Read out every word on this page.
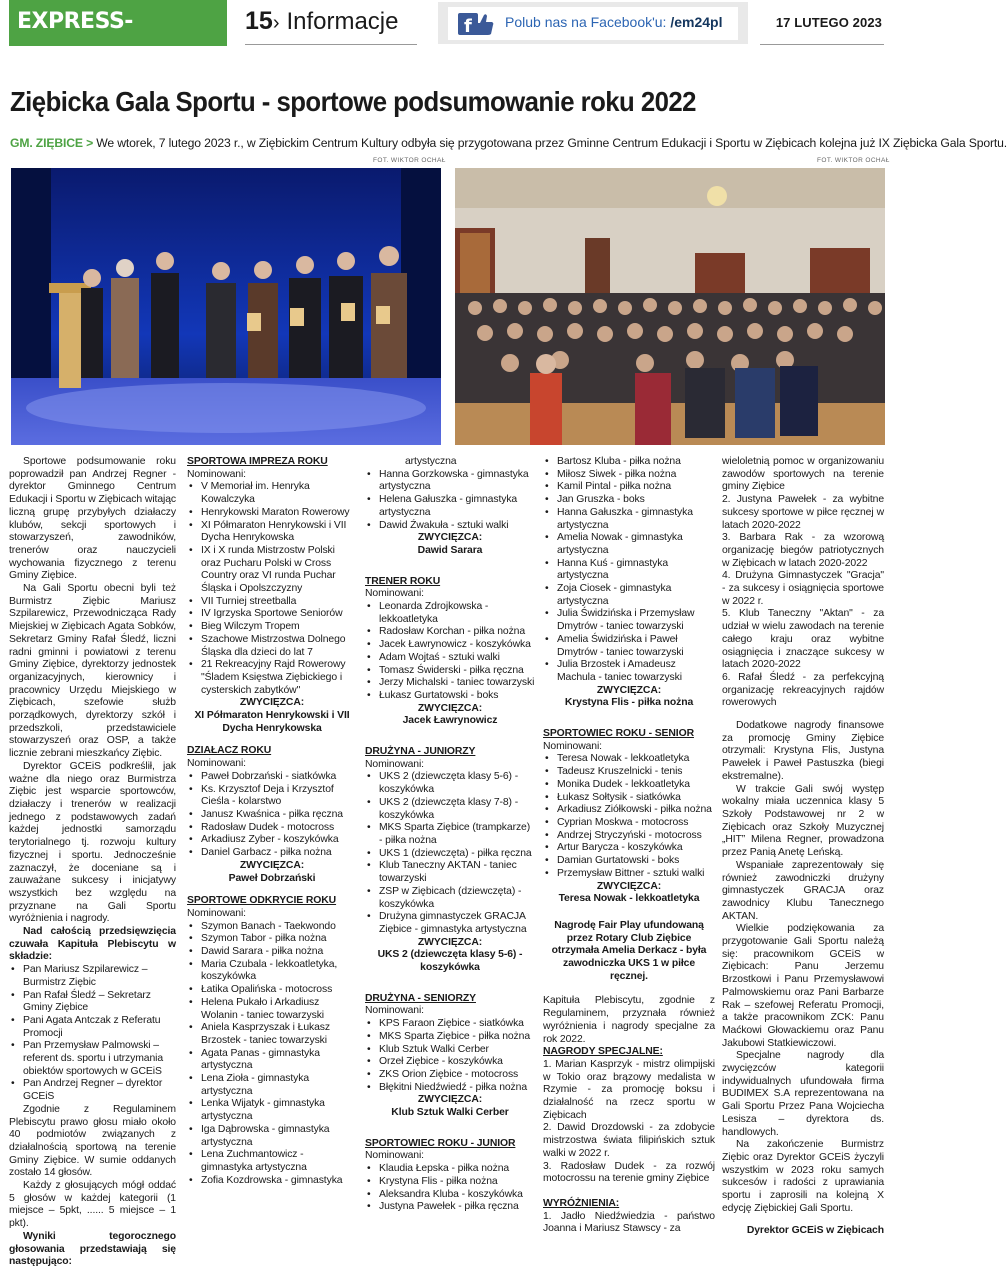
EXPRESS-MIEJSKI.PL
15› Informacje	f Polub nas na Facebook'u: /em24pl	17 LUTEGO 2023
Ziębicka Gala Sportu - sportowe podsumowanie roku 2022
GM. ZIĘBICE > We wtorek, 7 lutego 2023 r., w Ziębickim Centrum Kultury odbyła się przygotowana przez Gminne Centrum Edukacji i Sportu w Ziębicach kolejna już IX Ziębicka Gala Sportu.
FOT. WIKTOR OCHAŁ	FOT. WIKTOR OCHAŁ

Sportowe podsumowanie roku poprowadził pan Andrzej Regner - dyrektor Gminnego Centrum Edukacji i Sportu w Ziębicach witając liczną grupę przybyłych działaczy klubów, sekcji sportowych i stowarzyszeń, zawodników, trenerów oraz nauczycieli wychowania fizycznego z terenu Gminy Ziębice.

Na Gali Sportu obecni byli też Burmistrz Ziębic Mariusz Szpilarewicz, Przewodnicząca Rady Miejskiej w Ziębicach Agata Sobków, Sekretarz Gminy Rafał Śledź, liczni radni gminni i powiatowi z terenu Gminy Ziębice, dyrektorzy jednostek organizacyjnych, kierownicy i pracownicy Urzędu Miejskiego w Ziębicach, szefowie służb porządkowych, dyrektorzy szkół i przedszkoli, przedstawiciele stowarzyszeń oraz OSP, a także licznie zebrani mieszkańcy Ziębic.

Dyrektor GCEiS podkreślił, jak ważne dla niego oraz Burmistrza Ziębic jest wsparcie sportowców, działaczy i trenerów w realizacji jednego z podstawowych zadań każdej jednostki samorządu terytorialnego tj. rozwoju kultury fizycznej i sportu. Jednocześnie zaznaczył, że doceniane są i zauważane sukcesy i inicjatywy wszystkich bez względu na przyznane na Gali Sportu wyróżnienia i nagrody.

Nad całością przedsięwzięcia czuwała Kapituła Plebiscytu w składzie:

• Pan Mariusz Szpilarewicz – Burmistrz Ziębic
• Pan Rafał Śledź – Sekretarz Gminy Ziębice
• Pani Agata Antczak z Referatu Promocji
• Pan Przemysław Palmowski – referent ds. sportu i utrzymania obiektów sportowych w GCEiS
• Pan Andrzej Regner – dyrektor GCEiS

Zgodnie z Regulaminem Plebiscytu prawo głosu miało około 40 podmiotów związanych z działalnością sportową na terenie Gminy Ziębice. W sumie oddanych zostało 14 głosów.

Każdy z głosujących mógł oddać 5 głosów w każdej kategorii (1 miejsce – 5pkt, ...... 5 miejsce – 1 pkt).

Wyniki tegorocznego głosowania przedstawiają się następująco:

SPORTOWA IMPREZA ROKU
Nominowani:
• V Memoriał im. Henryka Kowalczyka
• Henrykowski Maraton Rowerowy
• XI Półmaraton Henrykowski i VII Dycha Henrykowska
• IX i X runda Mistrzostw Polski oraz Pucharu Polski w Cross Country oraz VI runda Puchar Śląska i Opolszczyzny
• VII Turniej streetballa
• IV Igrzyska Sportowe Seniorów
• Bieg Wilczym Tropem
• Szachowe Mistrzostwa Dolnego Śląska dla dzieci do lat 7
• 21 Rekreacyjny Rajd Rowerowy "Śladem Księstwa Ziębickiego i cysterskich zabytków"
ZWYCIĘZCA:
XI Półmaraton Henrykowski i VII Dycha Henrykowska
DZIAŁACZ ROKU
Nominowani:
• Paweł Dobrzański - siatkówka
• Ks. Krzysztof Deja i Krzysztof Cieśla - kolarstwo
• Janusz Kwaśnica - piłka ręczna
• Radosław Dudek - motocross
• Arkadiusz Zyber - koszykówka
• Daniel Garbacz - piłka nożna
ZWYCIĘZCA:
Paweł Dobrzański
SPORTOWE ODKRYCIE ROKU
Nominowani:
• Szymon Banach - Taekwondo
• Szymon Tabor - piłka nożna
• Dawid Sarara - piłka nożna
• Maria Czubala - lekkoatletyka, koszykówka
• Łatika Opalińska - motocross
• Helena Pukało i Arkadiusz Wolanin - taniec towarzyski
• Aniela Kasprzyszak i Łukasz Brzostek - taniec towarzyski
• Agata Panas - gimnastyka artystyczna
• Lena Zioła - gimnastyka artystyczna
• Lenka Wijatyk - gimnastyka artystyczna
• Iga Dąbrowska - gimnastyka artystyczna
• Lena Zuchmantowicz - gimnastyka artystyczna
• Zofia Kozdrowska - gimnastyka
artystyczna
• Hanna Gorzkowska - gimnastyka artystyczna
• Helena Gałuszka - gimnastyka artystyczna
• Dawid Źwakuła - sztuki walki
ZWYCIĘZCA:
Dawid Sarara
TRENER ROKU
Nominowani:
• Leonarda Zdrojkowska - lekkoatletyka
• Radosław Korchan - piłka nożna
• Jacek Ławrynowicz - koszykówka
• Adam Wojtaś - sztuki walki
• Tomasz Świderski - piłka ręczna
• Jerzy Michalski - taniec towarzyski
• Łukasz Gurtatowski - boks
ZWYCIĘZCA:
Jacek Ławrynowicz
DRUŻYNA - JUNIORZY
Nominowani:
• UKS 2 (dziewczęta klasy 5-6) - koszykówka
• UKS 2 (dziewczęta klasy 7-8) - koszykówka
• MKS Sparta Ziębice (trampkarze) - piłka nożna
• UKS 1 (dziewczęta) - piłka ręczna
• Klub Taneczny AKTAN - taniec towarzyski
• ZSP w Ziębicach (dziewczęta) - koszykówka
• Drużyna gimnastyczek GRACJA Ziębice - gimnastyka artystyczna
ZWYCIĘZCA:
UKS 2 (dziewczęta klasy 5-6) - koszykówka
DRUŻYNA - SENIORZY
Nominowani:
• KPS Faraon Ziębice - siatkówka
• MKS Sparta Ziębice - piłka nożna
• Klub Sztuk Walki Cerber
• Orzeł Ziębice - koszykówka
• ZKS Orion Ziębice - motocross
• Błękitni Niedźwiedź - piłka nożna
ZWYCIĘZCA:
Klub Sztuk Walki Cerber
SPORTOWIEC ROKU - JUNIOR
Nominowani:
• Klaudia Łepska - piłka nożna
• Krystyna Flis - piłka nożna
• Aleksandra Kluba - koszykówka
• Justyna Pawełek - piłka ręczna
• Bartosz Kluba - piłka nożna
• Miłosz Siwek - piłka nożna
• Kamil Pintal - piłka nożna
• Jan Gruszka - boks
• Hanna Gałuszka - gimnastyka artystyczna
• Amelia Nowak - gimnastyka artystyczna
• Hanna Kuś - gimnastyka artystyczna
• Zoja Ciosek - gimnastyka artystyczna
• Julia Świdzińska i Przemysław Dmytrów - taniec towarzyski
• Amelia Świdzińska i Paweł Dmytrów - taniec towarzyski
• Julia Brzostek i Amadeusz Machula - taniec towarzyski
ZWYCIĘZCA:
Krystyna Flis - piłka nożna
SPORTOWIEC ROKU - SENIOR
Nominowani:
• Teresa Nowak - lekkoatletyka
• Tadeusz Kruszelnicki - tenis
• Monika Dudek - lekkoatletyka
• Łukasz Sołtysik - siatkówka
• Arkadiusz Ziółkowski - piłka nożna
• Cyprian Moskwa - motocross
• Andrzej Stryczyński - motocross
• Artur Barycza - koszykówka
• Damian Gurtatowski - boks
• Przemysław Bittner - sztuki walki
ZWYCIĘZCA:
Teresa Nowak - lekkoatletyka

Nagrodę Fair Play ufundowaną przez Rotary Club Ziębice otrzymała Amelia Derkacz - była zawodniczka UKS 1 w piłce ręcznej.

Kapituła Plebiscytu, zgodnie z Regulaminem, przyznała również wyróżnienia i nagrody specjalne za rok 2022.

NAGRODY SPECJALNE:

1. Marian Kasprzyk - mistrz olimpijski w Tokio oraz brązowy medalista w Rzymie - za promocję boksu i działalność na rzecz sportu w Ziębicach

2. Dawid Drozdowski - za zdobycie mistrzostwa świata filipińskich sztuk walki w 2022 r.

3. Radosław Dudek - za rozwój motocrossu na terenie gminy Ziębice

WYRÓŻNIENIA:

1. Jadło Niedźwiedzia - państwo Joanna i Mariusz Stawscy - za

wieloletnią pomoc w organizowaniu zawodów sportowych na terenie gminy Ziębice

2. Justyna Pawełek - za wybitne sukcesy sportowe w piłce ręcznej w latach 2020-2022

3. Barbara Rak - za wzorową organizację biegów patriotycznych w Ziębicach w latach 2020-2022

4. Drużyna Gimnastyczek "Gracja" - za sukcesy i osiągnięcia sportowe w 2022 r.

5. Klub Taneczny "Aktan" - za udział w wielu zawodach na terenie całego kraju oraz wybitne osiągnięcia i znaczące sukcesy w latach 2020-2022

6. Rafał Śledź - za perfekcyjną organizację rekreacyjnych rajdów rowerowych

Dodatkowe nagrody finansowe za promocję Gminy Ziębice otrzymali: Krystyna Flis, Justyna Pawełek i Paweł Pastuszka (biegi ekstremalne).

W trakcie Gali swój występ wokalny miała uczennica klasy 5 Szkoły Podstawowej nr 2 w Ziębicach oraz Szkoły Muzycznej „HIT” Milena Regner, prowadzona przez Panią Anetę Leńską.

Wspaniałe zaprezentowały się również zawodniczki drużyny gimnastyczek GRACJA oraz zawodnicy Klubu Tanecznego AKTAN.

Wielkie podziękowania za przygotowanie Gali Sportu należą się: pracownikom GCEiS w Ziębicach: Panu Jerzemu Brzostkowi i Panu Przemysławowi Palmowskiemu oraz Pani Barbarze Rak – szefowej Referatu Promocji, a także pracownikom ZCK: Panu Maćkowi Głowackiemu oraz Panu Jakubowi Statkiewiczowi.

Specjalne nagrody dla zwycięzców kategorii indywidualnych ufundowała firma BUDIMEX S.A reprezentowana na Gali Sportu Przez Pana Wojciecha Lesisza – dyrektora ds. handlowych.

Na zakończenie Burmistrz Ziębic oraz Dyrektor GCEiS życzyli wszystkim w 2023 roku samych sukcesów i radości z uprawiania sportu i zaprosili na kolejną X edycję Ziębickiej Gali Sportu.

Dyrektor GCEiS w Ziębicach
